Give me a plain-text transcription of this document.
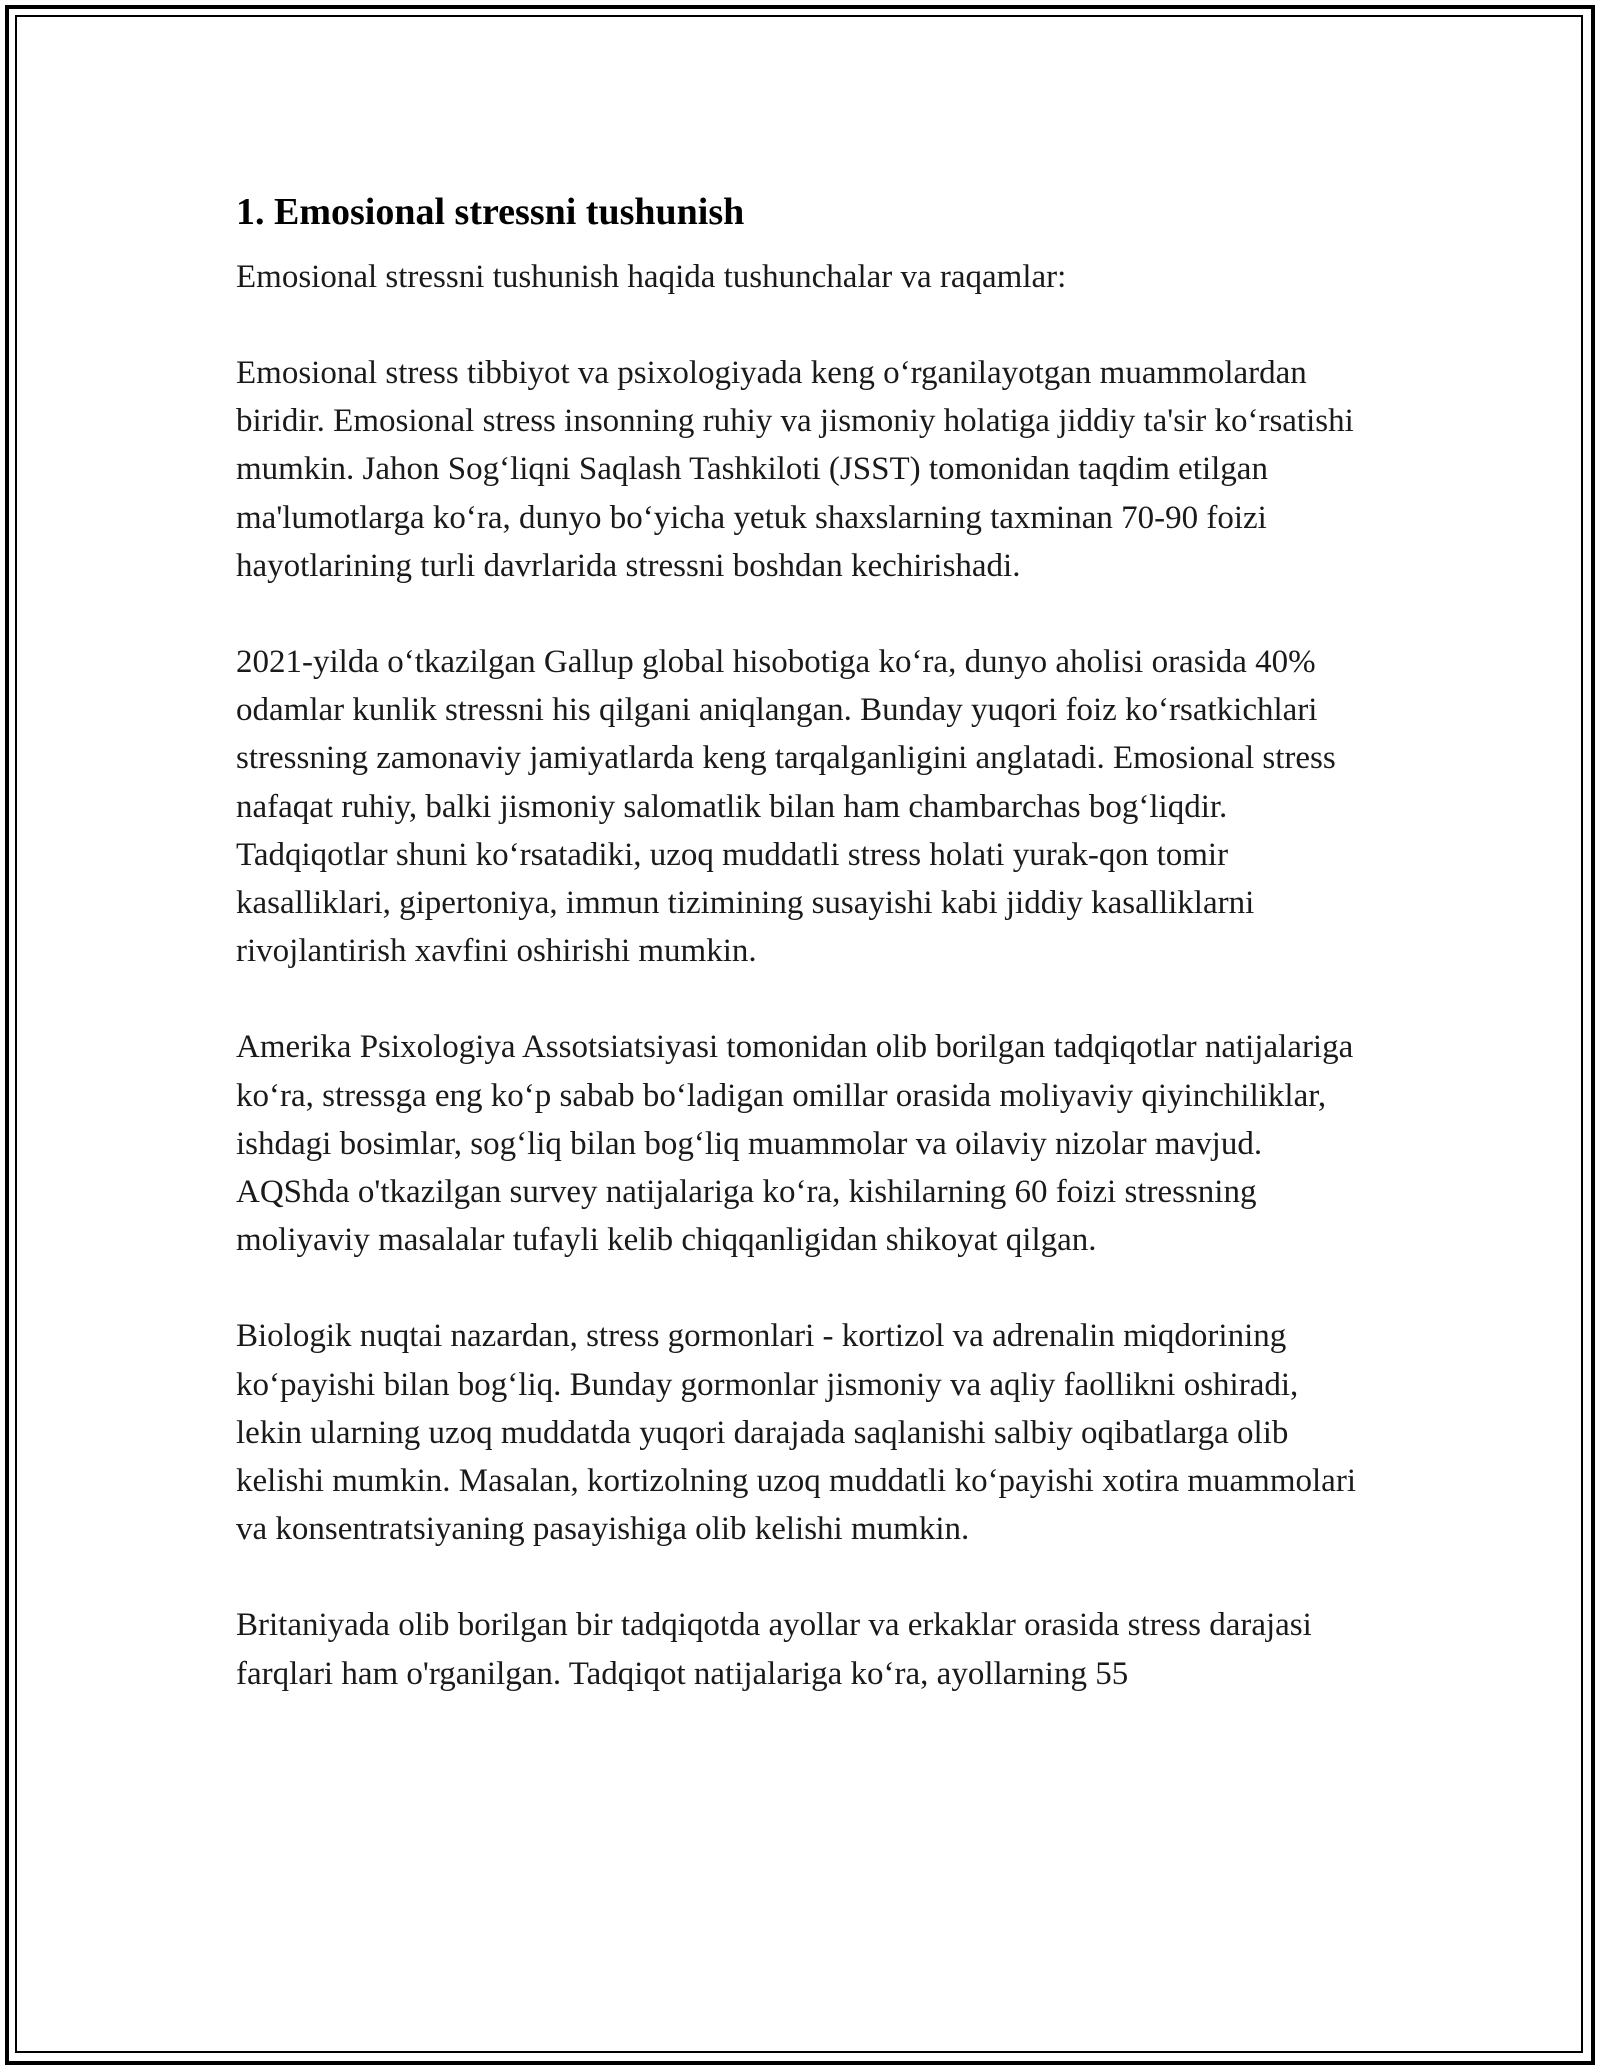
1. Emosional stressni tushunish

Emosional stressni tushunish haqida tushunchalar va raqamlar:

Emosional stress tibbiyot va psixologiyada keng o‘rganilayotgan muammolardan biridir. Emosional stress insonning ruhiy va jismoniy holatiga jiddiy ta'sir ko‘rsatishi mumkin. Jahon Sog‘liqni Saqlash Tashkiloti (JSST) tomonidan taqdim etilgan ma'lumotlarga ko‘ra, dunyo bo‘yicha yetuk shaxslarning taxminan 70-90 foizi hayotlarining turli davrlarida stressni boshdan kechirishadi.

2021-yilda o‘tkazilgan Gallup global hisobotiga ko‘ra, dunyo aholisi orasida 40% odamlar kunlik stressni his qilgani aniqlangan. Bunday yuqori foiz ko‘rsatkichlari stressning zamonaviy jamiyatlarda keng tarqalganligini anglatadi. Emosional stress nafaqat ruhiy, balki jismoniy salomatlik bilan ham chambarchas bog‘liqdir. Tadqiqotlar shuni ko‘rsatadiki, uzoq muddatli stress holati yurak-qon tomir kasalliklari, gipertoniya, immun tizimining susayishi kabi jiddiy kasalliklarni rivojlantirish xavfini oshirishi mumkin.

Amerika Psixologiya Assotsiatsiyasi tomonidan olib borilgan tadqiqotlar natijalariga ko‘ra, stressga eng ko‘p sabab bo‘ladigan omillar orasida moliyaviy qiyinchiliklar, ishdagi bosimlar, sog‘liq bilan bog‘liq muammolar va oilaviy nizolar mavjud. AQShda o'tkazilgan survey natijalariga ko‘ra, kishilarning 60 foizi stressning moliyaviy masalalar tufayli kelib chiqqanligidan shikoyat qilgan.

Biologik nuqtai nazardan, stress gormonlari - kortizol va adrenalin miqdorining ko‘payishi bilan bog‘liq. Bunday gormonlar jismoniy va aqliy faollikni oshiradi, lekin ularning uzoq muddatda yuqori darajada saqlanishi salbiy oqibatlarga olib kelishi mumkin. Masalan, kortizolning uzoq muddatli ko‘payishi xotira muammolari va konsentratsiyaning pasayishiga olib kelishi mumkin.

Britaniyada olib borilgan bir tadqiqotda ayollar va erkaklar orasida stress darajasi farqlari ham o'rganilgan. Tadqiqot natijalariga ko‘ra, ayollarning 55
